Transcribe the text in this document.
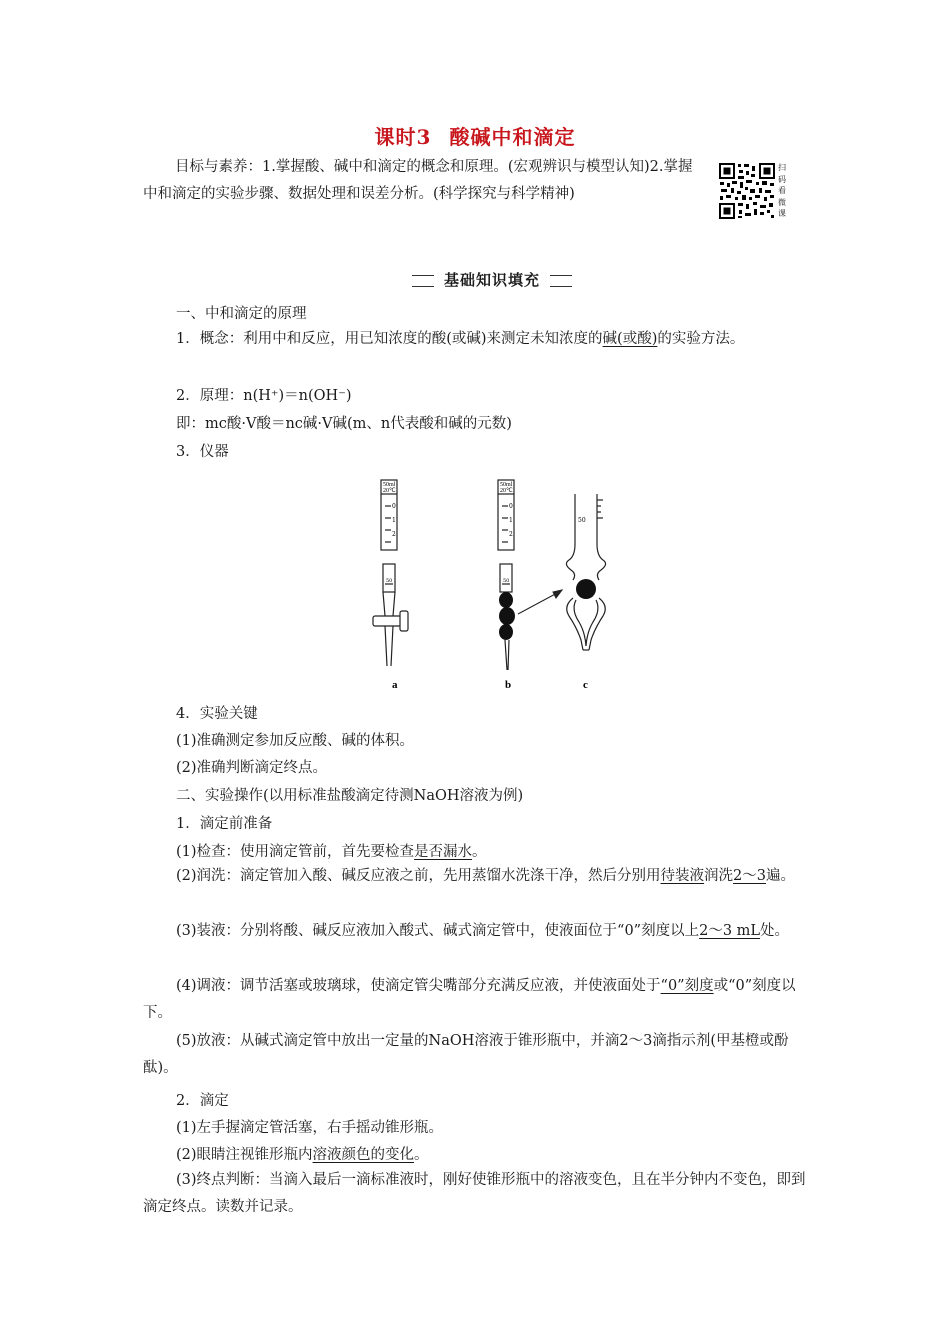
课时3 酸碱中和滴定
目标与素养：1.掌握酸、碱中和滴定的概念和原理。(宏观辨识与模型认知)2.掌握中和滴定的实验步骤、数据处理和误差分析。(科学探究与科学精神)
扫
码
看
微
课
基础知识填充
一、中和滴定的原理
1．概念：利用中和反应，用已知浓度的酸(或碱)来测定未知浓度的碱(或酸)的实验方法。
2．原理：n(H⁺)＝n(OH⁻)
即：mc酸·V酸＝nc碱·V碱(m、n代表酸和碱的元数)
3．仪器
50ml
20℃
0
1
2
50
50ml
20℃
0
1
2
50
50
a	b	c
4．实验关键
(1)准确测定参加反应酸、碱的体积。
(2)准确判断滴定终点。
二、实验操作(以用标准盐酸滴定待测NaOH溶液为例)
1．滴定前准备
(1)检查：使用滴定管前，首先要检查是否漏水。
(2)润洗：滴定管加入酸、碱反应液之前，先用蒸馏水洗涤干净，然后分别用待装液润洗2～3遍。
(3)装液：分别将酸、碱反应液加入酸式、碱式滴定管中，使液面位于“0”刻度以上2～3 mL处。
(4)调液：调节活塞或玻璃球，使滴定管尖嘴部分充满反应液，并使液面处于“0”刻度或“0”刻度以下。
(5)放液：从碱式滴定管中放出一定量的NaOH溶液于锥形瓶中，并滴2～3滴指示剂(甲基橙或酚酞)。
2．滴定
(1)左手握滴定管活塞，右手摇动锥形瓶。
(2)眼睛注视锥形瓶内溶液颜色的变化。
(3)终点判断：当滴入最后一滴标准液时，刚好使锥形瓶中的溶液变色，且在半分钟内不变色，即到滴定终点。读数并记录。
